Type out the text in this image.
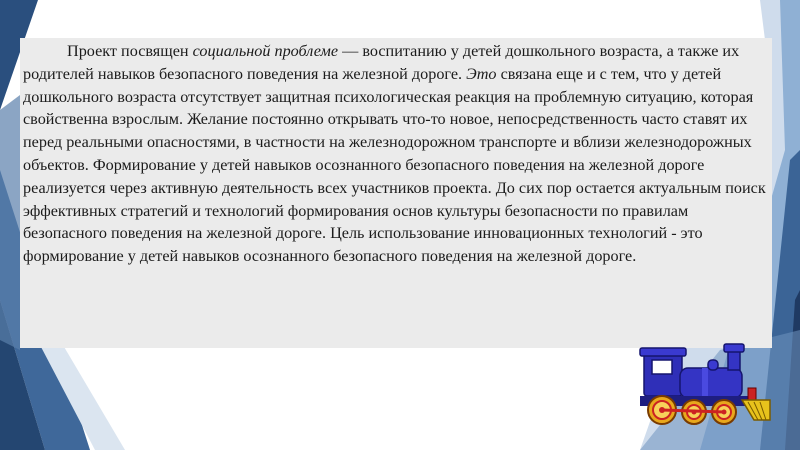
Проект посвящен социальной проблеме — воспитанию у детей дошкольного возраста, а также их родителей навыков безопасного поведения на железной дороге. Это связана еще и с тем, что у детей дошкольного возраста отсутствует защитная психологическая реакция на проблемную ситуацию, которая свойственна взрослым. Желание постоянно открывать что-то новое, непосредственность часто ставят их перед реальными опасностями, в частности на железнодорожном транспорте и вблизи железнодорожных объектов. Формирование у детей навыков осознанного безопасного поведения на железной дороге реализуется через активную деятельность всех участников проекта. До сих пор остается актуальным поиск эффективных стратегий и технологий формирования основ культуры безопасности по правилам безопасного поведения на железной дороге. Цель использование инновационных технологий - это формирование у детей навыков осознанного безопасного поведения на железной дороге.
